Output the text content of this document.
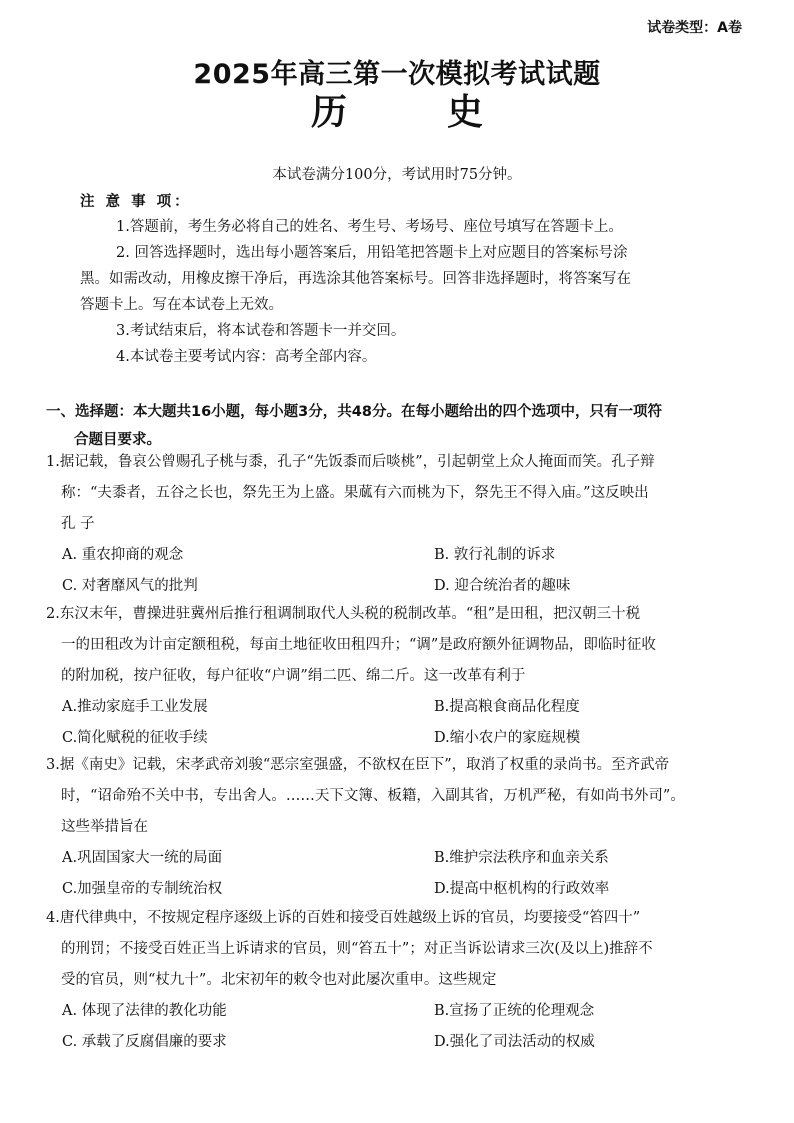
试卷类型：A卷
2025年高三第一次模拟考试试题
历	史
本试卷满分100分，考试用时75分钟。
注 意 事 项：

1.答题前，考生务必将自己的姓名、考生号、考场号、座位号填写在答题卡上。

2. 回答选择题时，选出每小题答案后，用铅笔把答题卡上对应题目的答案标号涂

黑。如需改动，用橡皮擦干净后，再选涂其他答案标号。回答非选择题时，将答案写在

答题卡上。写在本试卷上无效。

3.考试结束后，将本试卷和答题卡一并交回。

4.本试卷主要考试内容：高考全部内容。

一、选择题：本大题共16小题，每小题3分，共48分。在每小题给出的四个选项中，只有一项符
合题目要求。
1.据记载，鲁哀公曾赐孔子桃与黍，孔子“先饭黍而后啖桃”，引起朝堂上众人掩面而笑。孔子辩
称：“夫黍者，五谷之长也，祭先王为上盛。果蓏有六而桃为下，祭先王不得入庙。”这反映出
孔 子
A. 重农抑商的观念	B. 敦行礼制的诉求
C. 对奢靡风气的批判	D. 迎合统治者的趣味
2.东汉末年，曹操进驻冀州后推行租调制取代人头税的税制改革。“租”是田租，把汉朝三十税
一的田租改为计亩定额租税，每亩土地征收田租四升；“调”是政府额外征调物品，即临时征收
的附加税，按户征收，每户征收“户调”绢二匹、绵二斤。这一改革有利于
A.推动家庭手工业发展	B.提高粮食商品化程度
C.简化赋税的征收手续	D.缩小农户的家庭规模
3.据《南史》记载，宋孝武帝刘骏“恶宗室强盛，不欲权在臣下”，取消了权重的录尚书。至齐武帝
时，“诏命殆不关中书，专出舍人。……天下文簿、板籍，入副其省，万机严秘，有如尚书外司”。
这些举措旨在
A.巩固国家大一统的局面	B.维护宗法秩序和血亲关系
C.加强皇帝的专制统治权	D.提高中枢机构的行政效率
4.唐代律典中，不按规定程序逐级上诉的百姓和接受百姓越级上诉的官员，均要接受“笞四十”
的刑罚；不接受百姓正当上诉请求的官员，则“笞五十”；对正当诉讼请求三次(及以上)推辞不
受的官员，则“杖九十”。北宋初年的敕令也对此屡次重申。这些规定
A. 体现了法律的教化功能	B.宣扬了正统的伦理观念
C. 承载了反腐倡廉的要求	D.强化了司法活动的权威
